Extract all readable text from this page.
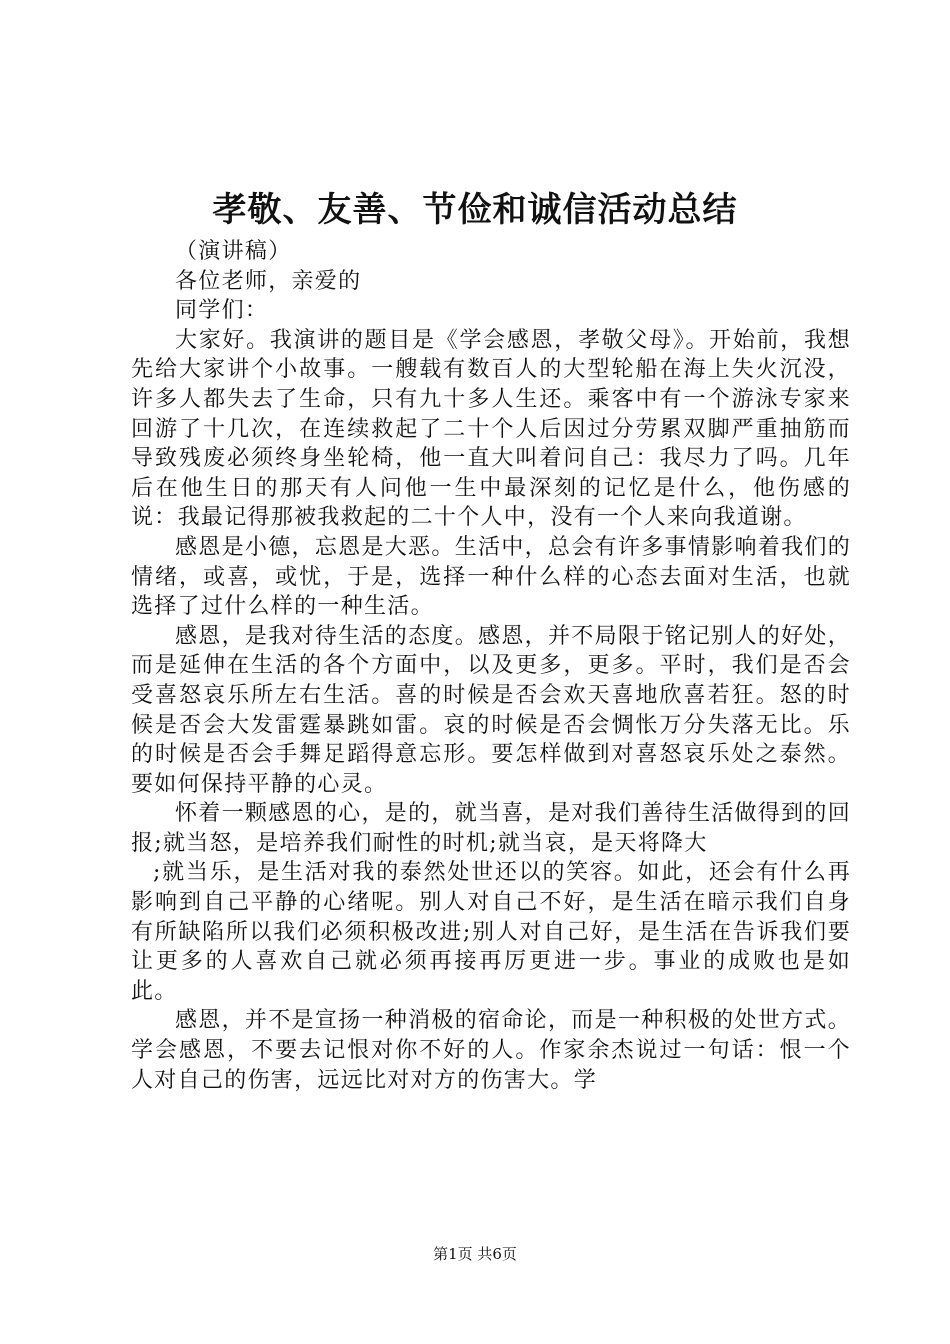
孝敬、友善、节俭和诚信活动总结

（演讲稿）

各位老师，亲爱的

同学们：

大家好。我演讲的题目是《学会感恩，孝敬父母》。开始前，我想先给大家讲个小故事。一艘载有数百人的大型轮船在海上失火沉没，许多人都失去了生命，只有九十多人生还。乘客中有一个游泳专家来回游了十几次，在连续救起了二十个人后因过分劳累双脚严重抽筋而导致残废必须终身坐轮椅，他一直大叫着问自己：我尽力了吗。几年后在他生日的那天有人问他一生中最深刻的记忆是什么，他伤感的说：我最记得那被我救起的二十个人中，没有一个人来向我道谢。

感恩是小德，忘恩是大恶。生活中，总会有许多事情影响着我们的情绪，或喜，或忧，于是，选择一种什么样的心态去面对生活，也就选择了过什么样的一种生活。

感恩，是我对待生活的态度。感恩，并不局限于铭记别人的好处，而是延伸在生活的各个方面中，以及更多，更多。平时，我们是否会受喜怒哀乐所左右生活。喜的时候是否会欢天喜地欣喜若狂。怒的时候是否会大发雷霆暴跳如雷。哀的时候是否会惆怅万分失落无比。乐的时候是否会手舞足蹈得意忘形。要怎样做到对喜怒哀乐处之泰然。要如何保持平静的心灵。

怀着一颗感恩的心，是的，就当喜，是对我们善待生活做得到的回报;就当怒，是培养我们耐性的时机;就当哀，是天将降大

;就当乐，是生活对我的泰然处世还以的笑容。如此，还会有什么再影响到自己平静的心绪呢。别人对自己不好，是生活在暗示我们自身有所缺陷所以我们必须积极改进;别人对自己好，是生活在告诉我们要让更多的人喜欢自己就必须再接再厉更进一步。事业的成败也是如此。

感恩，并不是宣扬一种消极的宿命论，而是一种积极的处世方式。学会感恩，不要去记恨对你不好的人。作家余杰说过一句话：恨一个人对自己的伤害，远远比对对方的伤害大。学

第1页 共6页
